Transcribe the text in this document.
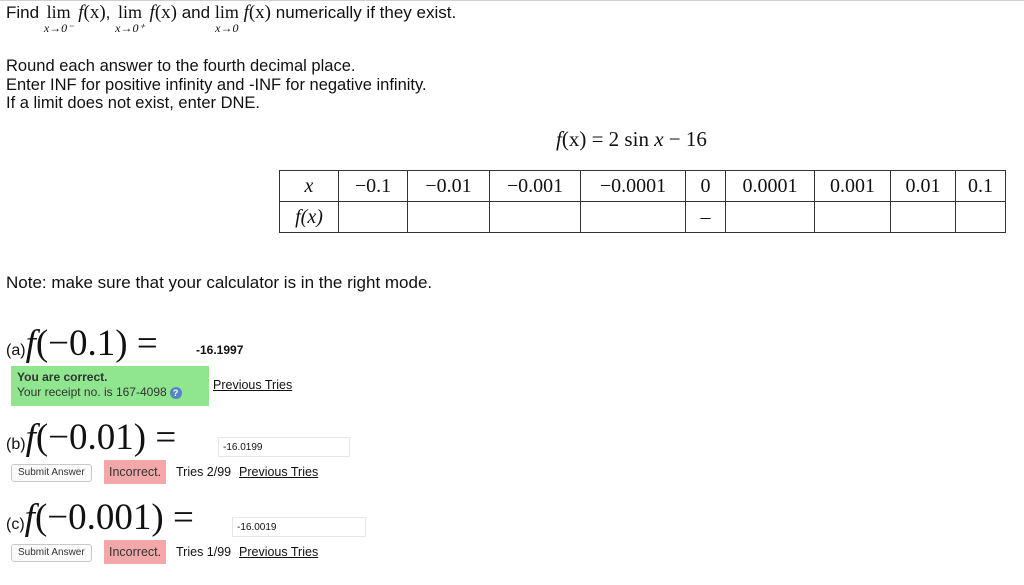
Find lim
x→0⁻
f(x), lim
x→0⁺
f(x) and lim
x→0
f(x) numerically if they exist.
Round each answer to the fourth decimal place.
Enter INF for positive infinity and -INF for negative infinity.
If a limit does not exist, enter DNE.
f(x) = 2 sin x − 16
x	−0.1	−0.01	−0.001	−0.0001	0	0.0001	0.001	0.01	0.1
f(x)					–				
Note: make sure that your calculator is in the right mode.
(a)f(−0.1) =	-16.1997
You are correct.
Your receipt no. is 167-4098 ?
Previous Tries
(b)f(−0.01) =
-16.0199
Submit Answer	Incorrect.	Tries 2/99 Previous Tries
(c)f(−0.001) =
-16.0019
Submit Answer	Incorrect.	Tries 1/99 Previous Tries
